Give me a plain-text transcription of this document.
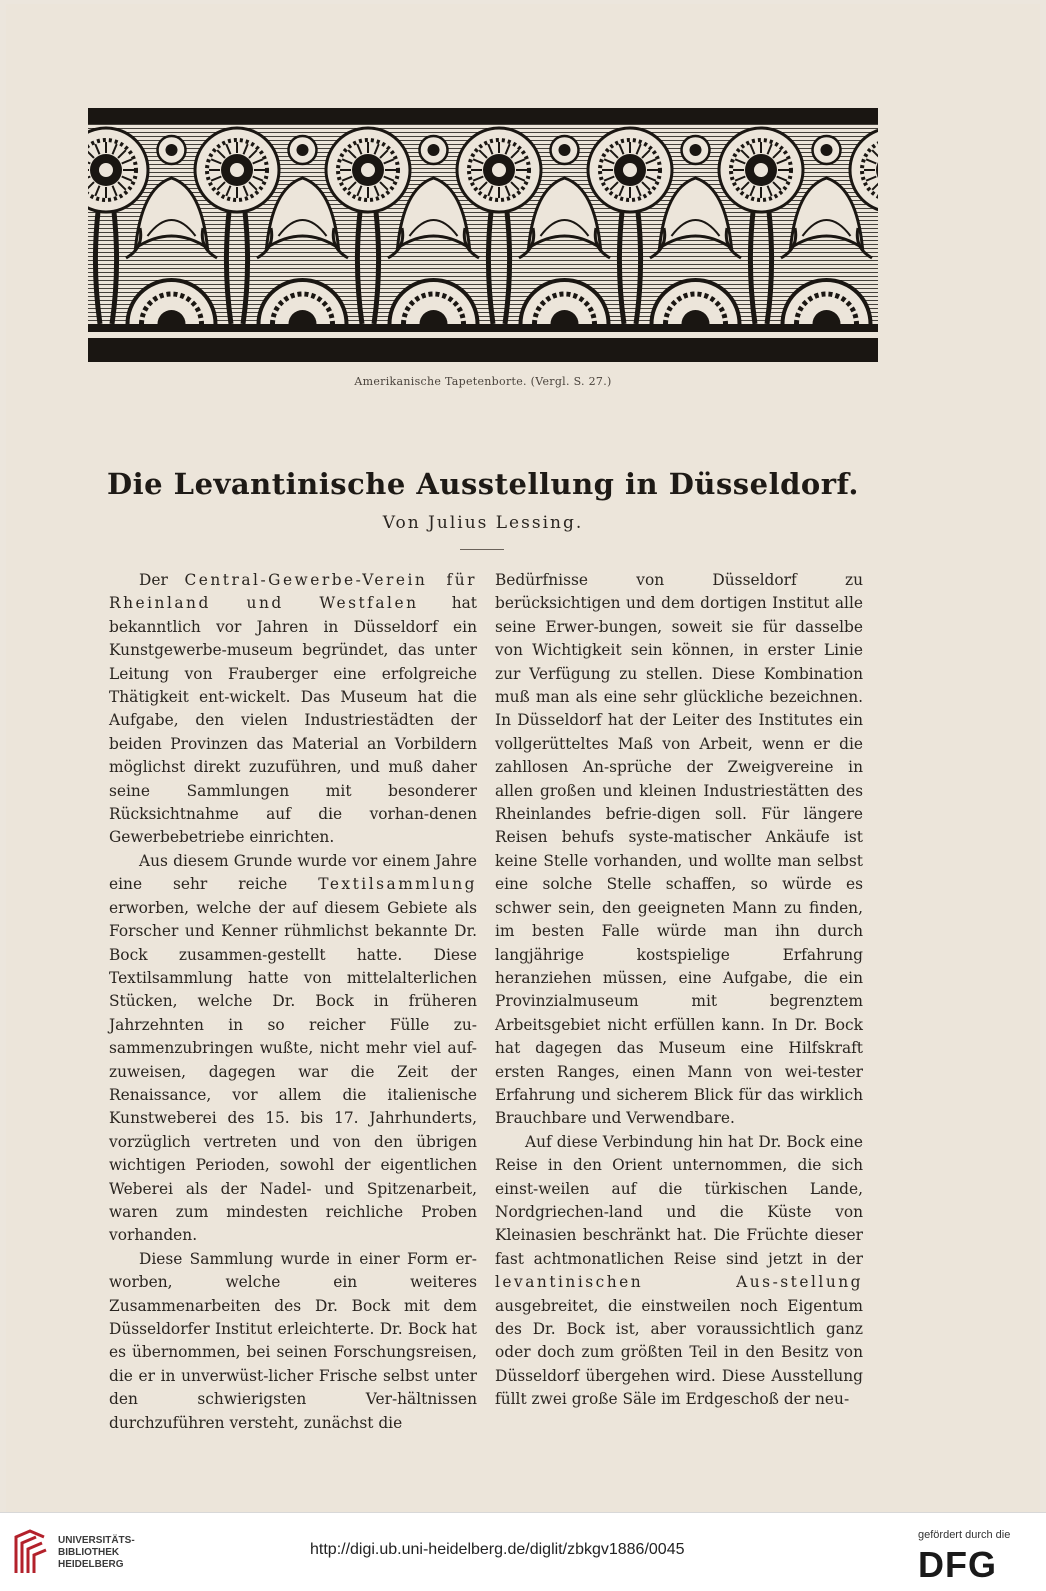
Amerikanische Tapetenborte. (Vergl. S. 27.)
Die Levantinische Ausstellung in Düsseldorf.
Von Julius Lessing.

Der Central-Gewerbe-Verein für Rheinland und Westfalen hat bekanntlich vor Jahren in Düsseldorf ein Kunstgewerbe-museum begründet, das unter Leitung von Frauberger eine erfolgreiche Thätigkeit ent-wickelt. Das Museum hat die Aufgabe, den vielen Industriestädten der beiden Provinzen das Material an Vorbildern möglichst direkt zuzuführen, und muß daher seine Sammlungen mit besonderer Rücksichtnahme auf die vorhan-denen Gewerbebetriebe einrichten.

Aus diesem Grunde wurde vor einem Jahre eine sehr reiche Textilsammlung erworben, welche der auf diesem Gebiete als Forscher und Kenner rühmlichst bekannte Dr. Bock zusammen-gestellt hatte. Diese Textilsammlung hatte von mittelalterlichen Stücken, welche Dr. Bock in früheren Jahrzehnten in so reicher Fülle zu-sammenzubringen wußte, nicht mehr viel auf-zuweisen, dagegen war die Zeit der Renaissance, vor allem die italienische Kunstweberei des 15. bis 17. Jahrhunderts, vorzüglich vertreten und von den übrigen wichtigen Perioden, sowohl der eigentlichen Weberei als der Nadel- und Spitzenarbeit, waren zum mindesten reichliche Proben vorhanden.

Diese Sammlung wurde in einer Form er-worben, welche ein weiteres Zusammenarbeiten des Dr. Bock mit dem Düsseldorfer Institut erleichterte. Dr. Bock hat es übernommen, bei seinen Forschungsreisen, die er in unverwüst-licher Frische selbst unter den schwierigsten Ver-hältnissen durchzuführen versteht, zunächst die

Bedürfnisse von Düsseldorf zu berücksichtigen und dem dortigen Institut alle seine Erwer-bungen, soweit sie für dasselbe von Wichtigkeit sein können, in erster Linie zur Verfügung zu stellen. Diese Kombination muß man als eine sehr glückliche bezeichnen. In Düsseldorf hat der Leiter des Institutes ein vollgerütteltes Maß von Arbeit, wenn er die zahllosen An-sprüche der Zweigvereine in allen großen und kleinen Industriestätten des Rheinlandes befrie-digen soll. Für längere Reisen behufs syste-matischer Ankäufe ist keine Stelle vorhanden, und wollte man selbst eine solche Stelle schaffen, so würde es schwer sein, den geeigneten Mann zu finden, im besten Falle würde man ihn durch langjährige kostspielige Erfahrung heranziehen müssen, eine Aufgabe, die ein Provinzialmuseum mit begrenztem Arbeitsgebiet nicht erfüllen kann. In Dr. Bock hat dagegen das Museum eine Hilfskraft ersten Ranges, einen Mann von wei-tester Erfahrung und sicherem Blick für das wirklich Brauchbare und Verwendbare.

Auf diese Verbindung hin hat Dr. Bock eine Reise in den Orient unternommen, die sich einst-weilen auf die türkischen Lande, Nordgriechen-land und die Küste von Kleinasien beschränkt hat. Die Früchte dieser fast achtmonatlichen Reise sind jetzt in der levantinischen Aus-stellung ausgebreitet, die einstweilen noch Eigentum des Dr. Bock ist, aber voraussichtlich ganz oder doch zum größten Teil in den Besitz von Düsseldorf übergehen wird. Diese Ausstellung füllt zwei große Säle im Erdgeschoß der neu-

UNIVERSITÄTS-
BIBLIOTHEK
HEIDELBERG
http://digi.ub.uni-heidelberg.de/diglit/zbkgv1886/0045
gefördert durch die
DFG
